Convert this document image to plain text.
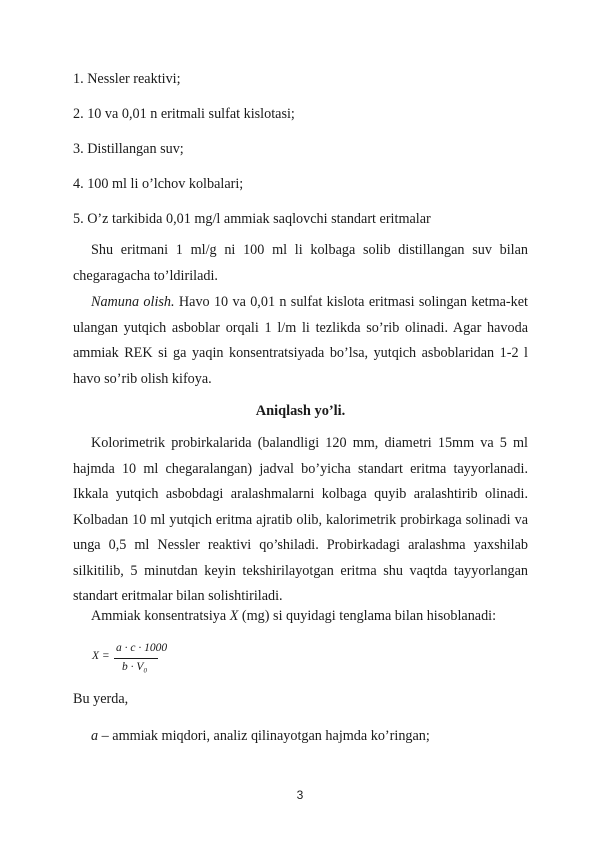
1. Nessler reaktivi;
2. 10 va 0,01 n eritmali sulfat kislotasi;
3. Distillangan suv;
4. 100 ml li o’lchov kolbalari;
5. O’z tarkibida 0,01 mg/l ammiak saqlovchi standart eritmalar

Shu eritmani 1 ml/g ni 100 ml li kolbaga solib distillangan suv bilan chegaragacha to’ldiriladi.

Namuna olish. Havo 10 va 0,01 n sulfat kislota eritmasi solingan ketma-ket ulangan yutqich asboblar orqali 1 l/m li tezlikda so’rib olinadi. Agar havoda ammiak REK si ga yaqin konsentratsiyada bo’lsa, yutqich asboblaridan 1-2 l havo so’rib olish kifoya.

Aniqlash yo’li.

Kolorimetrik probirkalarida (balandligi 120 mm, diametri 15mm va 5 ml hajmda 10 ml chegaralangan) jadval bo’yicha standart eritma tayyorlanadi. Ikkala yutqich asbobdagi aralashmalarni kolbaga quyib aralashtirib olinadi. Kolbadan 10 ml yutqich eritma ajratib olib, kalorimetrik probirkaga solinadi va unga 0,5 ml Nessler reaktivi qo’shiladi. Probirkadagi aralashma yaxshilab silkitilib, 5 minutdan keyin tekshirilayotgan eritma shu vaqtda tayyorlangan standart eritmalar bilan solishtiriladi.

Ammiak konsentratsiya X (mg) si quyidagi tenglama bilan hisoblanadi:

X =
a · c · 1000
b · V₀
Bu yerda,
a – ammiak miqdori, analiz qilinayotgan hajmda ko’ringan;
3
